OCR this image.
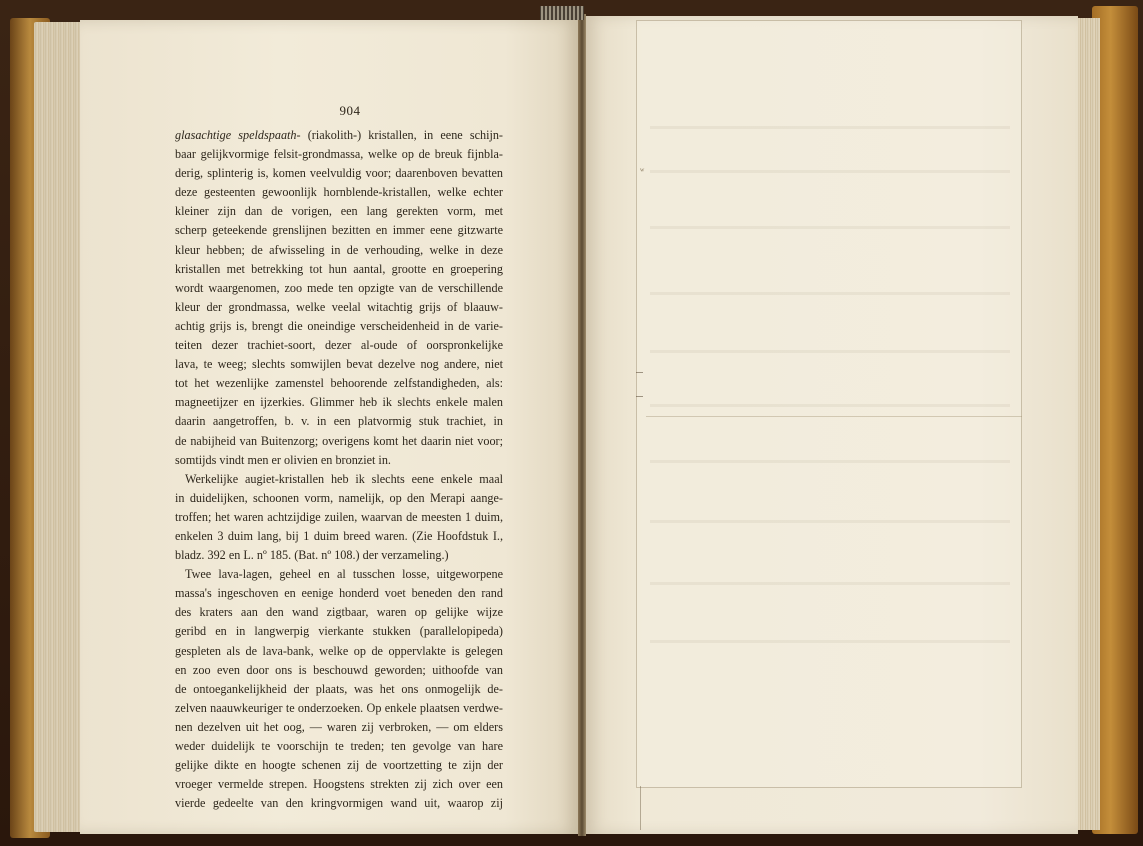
ʷ
904
glasachtige speldspaath- (riakolith-) kristallen, in eene schijn-
baar gelijkvormige felsit-grondmassa, welke op de breuk fijnbla-
derig, splinterig is, komen veelvuldig voor; daarenboven bevatten
deze gesteenten gewoonlijk hornblende-kristallen, welke echter
kleiner zijn dan de vorigen, een lang gerekten vorm, met
scherp geteekende grenslijnen bezitten en immer eene gitzwarte
kleur hebben; de afwisseling in de verhouding, welke in deze
kristallen met betrekking tot hun aantal, grootte en groepering
wordt waargenomen, zoo mede ten opzigte van de verschillende
kleur der grondmassa, welke veelal witachtig grijs of blaauw-
achtig grijs is, brengt die oneindige verscheidenheid in de varie-
teiten dezer trachiet-soort, dezer al-oude of oorspronkelijke
lava, te weeg; slechts somwijlen bevat dezelve nog andere, niet
tot het wezenlijke zamenstel behoorende zelfstandigheden, als:
magneetijzer en ijzerkies. Glimmer heb ik slechts enkele malen
daarin aangetroffen, b. v. in een platvormig stuk trachiet, in
de nabijheid van Buitenzorg; overigens komt het daarin niet voor;
somtijds vindt men er olivien en bronziet in.
Werkelijke augiet-kristallen heb ik slechts eene enkele maal
in duidelijken, schoonen vorm, namelijk, op den Merapi aange-
troffen; het waren achtzijdige zuilen, waarvan de meesten 1 duim,
enkelen 3 duim lang, bij 1 duim breed waren. (Zie Hoofdstuk I.,
bladz. 392 en L. nº 185. (Bat. nº 108.) der verzameling.)
Twee lava-lagen, geheel en al tusschen losse, uitgeworpene
massa's ingeschoven en eenige honderd voet beneden den rand
des kraters aan den wand zigtbaar, waren op gelijke wijze
geribd en in langwerpig vierkante stukken (parallelopipeda)
gespleten als de lava-bank, welke op de oppervlakte is gelegen
en zoo even door ons is beschouwd geworden; uithoofde van
de ontoegankelijkheid der plaats, was het ons onmogelijk de-
zelven naauwkeuriger te onderzoeken. Op enkele plaatsen verdwe-
nen dezelven uit het oog, — waren zij verbroken, — om elders
weder duidelijk te voorschijn te treden; ten gevolge van hare
gelijke dikte en hoogte schenen zij de voortzetting te zijn der
vroeger vermelde strepen. Hoogstens strekten zij zich over een
vierde gedeelte van den kringvormigen wand uit, waarop zij
